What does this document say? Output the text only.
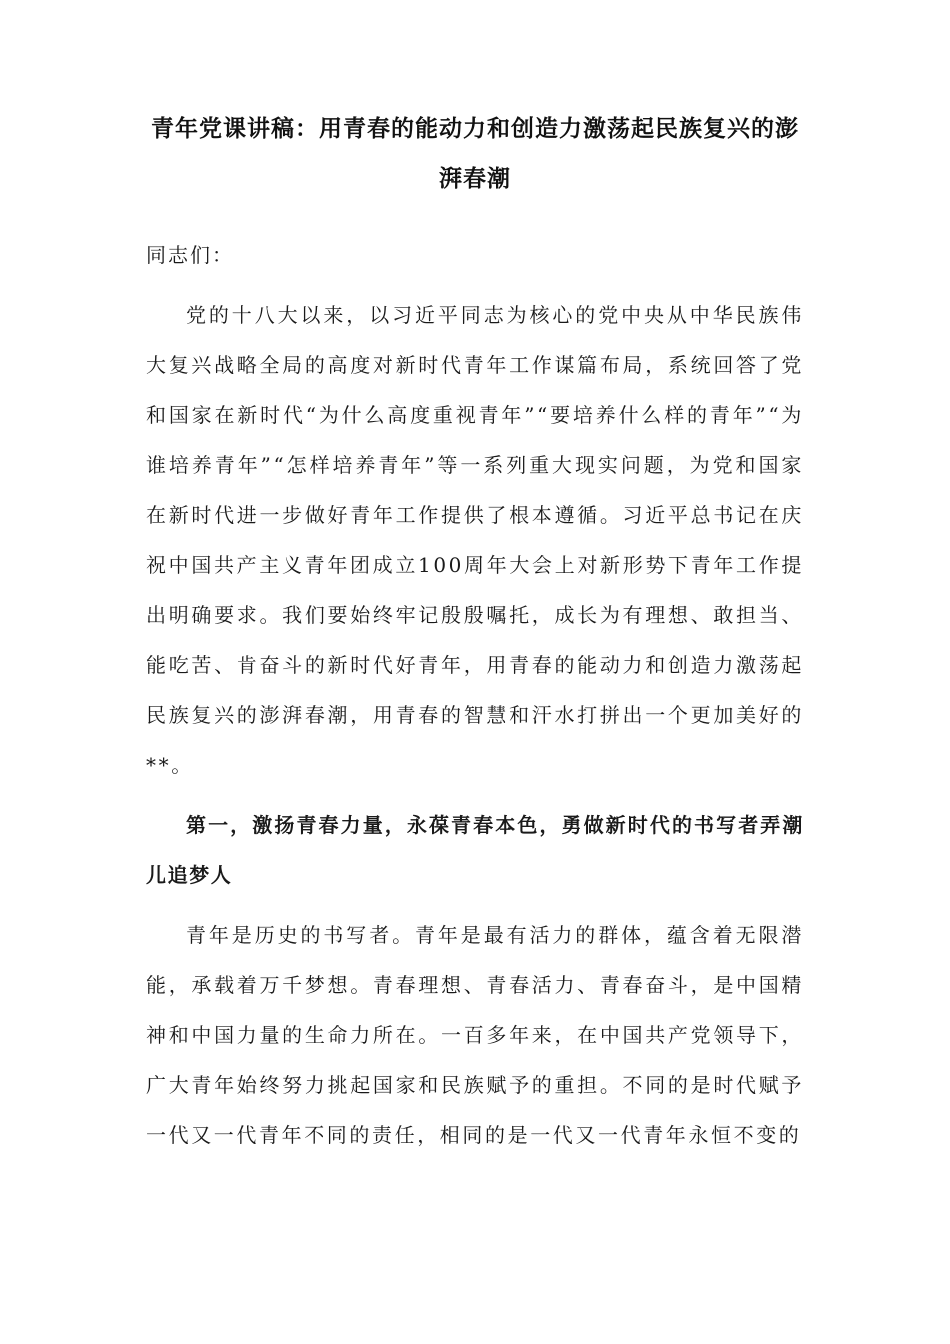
青年党课讲稿：用青春的能动力和创造力激荡起民族复兴的澎湃春潮

同志们：

党的十八大以来，以习近平同志为核心的党中央从中华民族伟大复兴战略全局的高度对新时代青年工作谋篇布局，系统回答了党和国家在新时代“为什么高度重视青年”“要培养什么样的青年”“为谁培养青年”“怎样培养青年”等一系列重大现实问题，为党和国家在新时代进一步做好青年工作提供了根本遵循。习近平总书记在庆祝中国共产主义青年团成立100周年大会上对新形势下青年工作提出明确要求。我们要始终牢记殷殷嘱托，成长为有理想、敢担当、能吃苦、肯奋斗的新时代好青年，用青春的能动力和创造力激荡起民族复兴的澎湃春潮，用青春的智慧和汗水打拼出一个更加美好的**。

第一，激扬青春力量，永葆青春本色，勇做新时代的书写者弄潮儿追梦人

青年是历史的书写者。青年是最有活力的群体，蕴含着无限潜能，承载着万千梦想。青春理想、青春活力、青春奋斗，是中国精神和中国力量的生命力所在。一百多年来，在中国共产党领导下，广大青年始终努力挑起国家和民族赋予的重担。不同的是时代赋予一代又一代青年不同的责任，相同的是一代又一代青年永恒不变的
